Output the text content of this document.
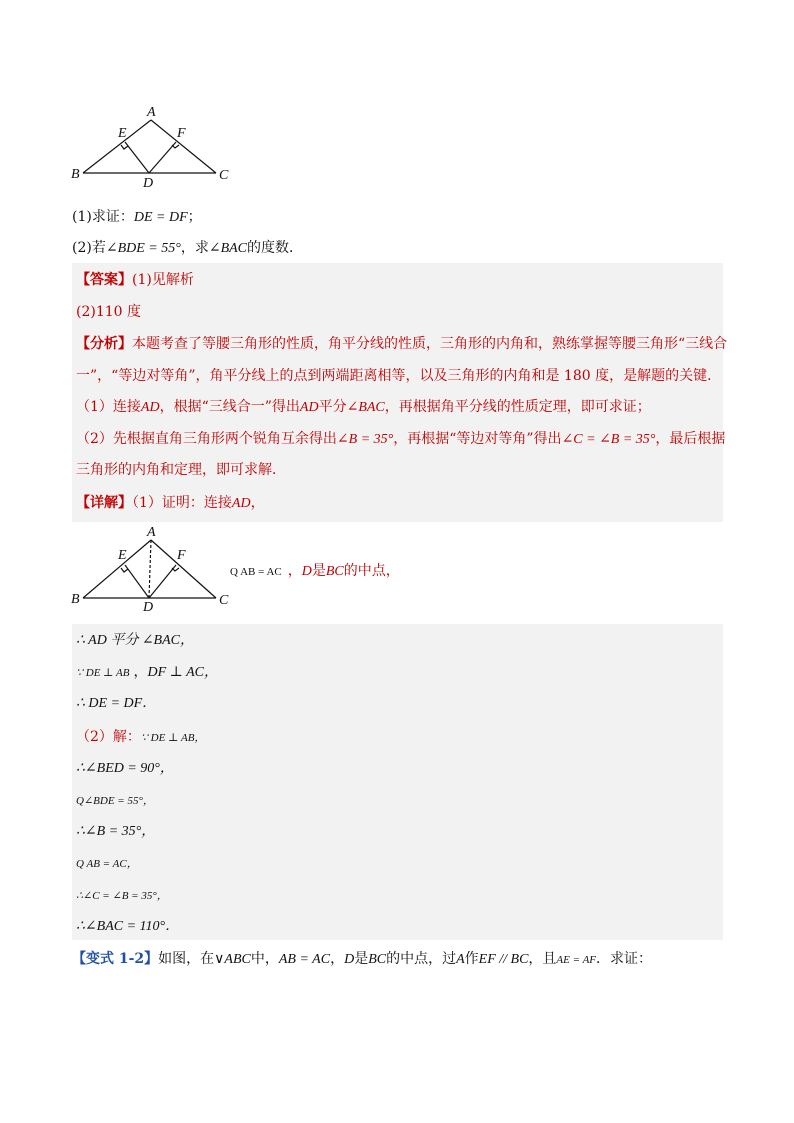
A
B	C
D
E	F
(1)求证：DE = DF；
(2)若∠BDE = 55°，求∠BAC的度数．
【答案】(1)见解析
(2)110 度
【分析】本题考查了等腰三角形的性质，角平分线的性质，三角形的内角和，熟练掌握等腰三角形“三线合
一”，“等边对等角”，角平分线上的点到两端距离相等，以及三角形的内角和是 180 度，是解题的关键．
（1）连接AD，根据“三线合一”得出AD平分∠BAC，再根据角平分线的性质定理，即可求证；
（2）先根据直角三角形两个锐角互余得出∠B = 35°，再根据“等边对等角”得出∠C = ∠B = 35°，最后根据
三角形的内角和定理，即可求解．
【详解】（1）证明：连接AD，
A
B	C
D
E	F
Q AB = AC ，D是BC的中点，
∴ AD 平分 ∠BAC，
∵ DE ⊥ AB ，DF ⊥ AC，
∴ DE = DF．
（2）解：∵ DE ⊥ AB，
∴∠BED = 90°，
Q∠BDE = 55°，
∴∠B = 35°，
Q AB = AC，
∴∠C = ∠B = 35°，
∴∠BAC = 110°．
【变式 1-2】如图，在∨ABC中，AB = AC，D是BC的中点，过A作EF // BC，且AE = AF．求证：
